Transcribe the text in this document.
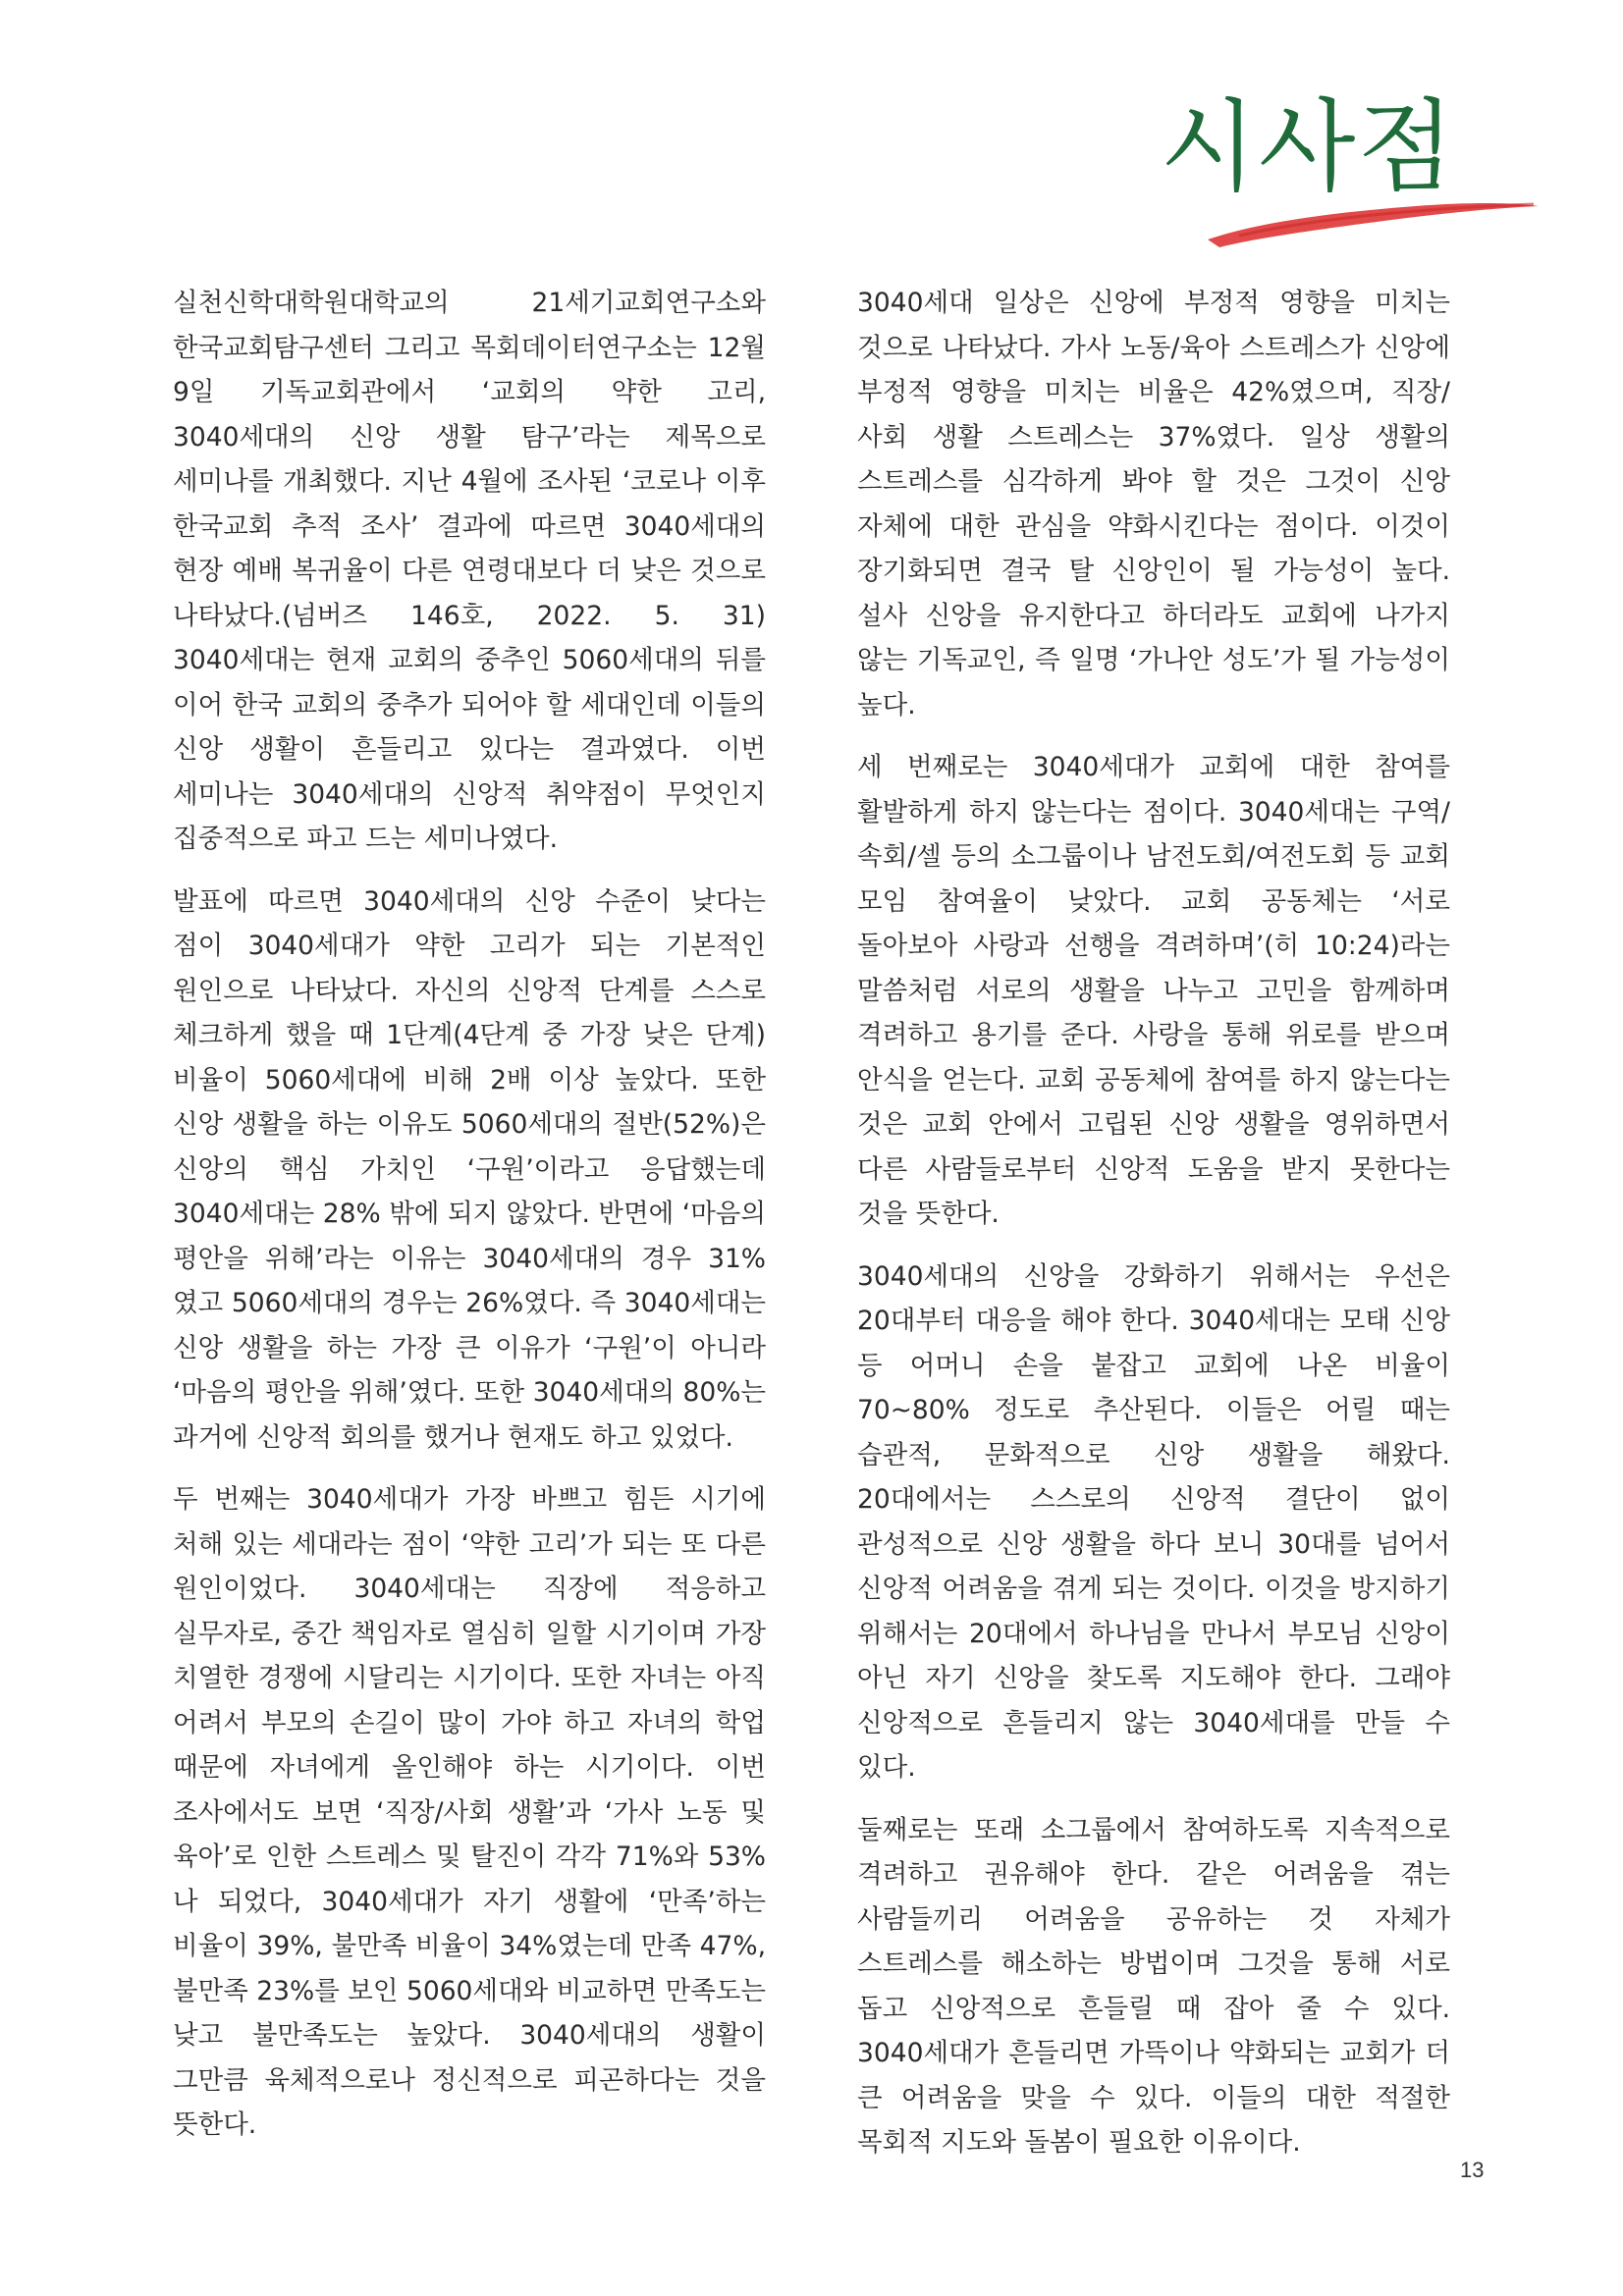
시사점

실천신학대학원대학교의 21세기교회연구소와 한국교회탐구센터 그리고 목회데이터연구소는 12월 9일 기독교회관에서 ‘교회의 약한 고리, 3040세대의 신앙 생활 탐구’라는 제목으로 세미나를 개최했다. 지난 4월에 조사된 ‘코로나 이후 한국교회 추적 조사’ 결과에 따르면 3040세대의 현장 예배 복귀율이 다른 연령대보다 더 낮은 것으로 나타났다.(넘버즈 146호, 2022. 5. 31) 3040세대는 현재 교회의 중추인 5060세대의 뒤를 이어 한국 교회의 중추가 되어야 할 세대인데 이들의 신앙 생활이 흔들리고 있다는 결과였다. 이번 세미나는 3040세대의 신앙적 취약점이 무엇인지 집중적으로 파고 드는 세미나였다.

발표에 따르면 3040세대의 신앙 수준이 낮다는 점이 3040세대가 약한 고리가 되는 기본적인 원인으로 나타났다. 자신의 신앙적 단계를 스스로 체크하게 했을 때 1단계(4단계 중 가장 낮은 단계) 비율이 5060세대에 비해 2배 이상 높았다. 또한 신앙 생활을 하는 이유도 5060세대의 절반(52%)은 신앙의 핵심 가치인 ‘구원’이라고 응답했는데 3040세대는 28% 밖에 되지 않았다. 반면에 ‘마음의 평안을 위해’라는 이유는 3040세대의 경우 31%였고 5060세대의 경우는 26%였다. 즉 3040세대는 신앙 생활을 하는 가장 큰 이유가 ‘구원’이 아니라 ‘마음의 평안을 위해’였다. 또한 3040세대의 80%는 과거에 신앙적 회의를 했거나 현재도 하고 있었다.

두 번째는 3040세대가 가장 바쁘고 힘든 시기에 처해 있는 세대라는 점이 ‘약한 고리’가 되는 또 다른 원인이었다. 3040세대는 직장에 적응하고 실무자로, 중간 책임자로 열심히 일할 시기이며 가장 치열한 경쟁에 시달리는 시기이다. 또한 자녀는 아직 어려서 부모의 손길이 많이 가야 하고 자녀의 학업 때문에 자녀에게 올인해야 하는 시기이다. 이번 조사에서도 보면 ‘직장/사회 생활’과 ‘가사 노동 및 육아’로 인한 스트레스 및 탈진이 각각 71%와 53%나 되었다, 3040세대가 자기 생활에 ‘만족’하는 비율이 39%, 불만족 비율이 34%였는데 만족 47%, 불만족 23%를 보인 5060세대와 비교하면 만족도는 낮고 불만족도는 높았다. 3040세대의 생활이 그만큼 육체적으로나 정신적으로 피곤하다는 것을 뜻한다.

3040세대 일상은 신앙에 부정적 영향을 미치는 것으로 나타났다. 가사 노동/육아 스트레스가 신앙에 부정적 영향을 미치는 비율은 42%였으며, 직장/사회 생활 스트레스는 37%였다. 일상 생활의 스트레스를 심각하게 봐야 할 것은 그것이 신앙 자체에 대한 관심을 약화시킨다는 점이다. 이것이 장기화되면 결국 탈 신앙인이 될 가능성이 높다. 설사 신앙을 유지한다고 하더라도 교회에 나가지 않는 기독교인, 즉 일명 ‘가나안 성도’가 될 가능성이 높다.

세 번째로는 3040세대가 교회에 대한 참여를 활발하게 하지 않는다는 점이다. 3040세대는 구역/속회/셀 등의 소그룹이나 남전도회/여전도회 등 교회 모임 참여율이 낮았다. 교회 공동체는 ‘서로 돌아보아 사랑과 선행을 격려하며’(히 10:24)라는 말씀처럼 서로의 생활을 나누고 고민을 함께하며 격려하고 용기를 준다. 사랑을 통해 위로를 받으며 안식을 얻는다. 교회 공동체에 참여를 하지 않는다는 것은 교회 안에서 고립된 신앙 생활을 영위하면서 다른 사람들로부터 신앙적 도움을 받지 못한다는 것을 뜻한다.

3040세대의 신앙을 강화하기 위해서는 우선은 20대부터 대응을 해야 한다. 3040세대는 모태 신앙 등 어머니 손을 붙잡고 교회에 나온 비율이 70~80% 정도로 추산된다. 이들은 어릴 때는 습관적, 문화적으로 신앙 생활을 해왔다. 20대에서는 스스로의 신앙적 결단이 없이 관성적으로 신앙 생활을 하다 보니 30대를 넘어서 신앙적 어려움을 겪게 되는 것이다. 이것을 방지하기 위해서는 20대에서 하나님을 만나서 부모님 신앙이 아닌 자기 신앙을 찾도록 지도해야 한다. 그래야 신앙적으로 흔들리지 않는 3040세대를 만들 수 있다.

둘째로는 또래 소그룹에서 참여하도록 지속적으로 격려하고 권유해야 한다. 같은 어려움을 겪는 사람들끼리 어려움을 공유하는 것 자체가 스트레스를 해소하는 방법이며 그것을 통해 서로 돕고 신앙적으로 흔들릴 때 잡아 줄 수 있다. 3040세대가 흔들리면 가뜩이나 약화되는 교회가 더 큰 어려움을 맞을 수 있다. 이들의 대한 적절한 목회적 지도와 돌봄이 필요한 이유이다.

13
